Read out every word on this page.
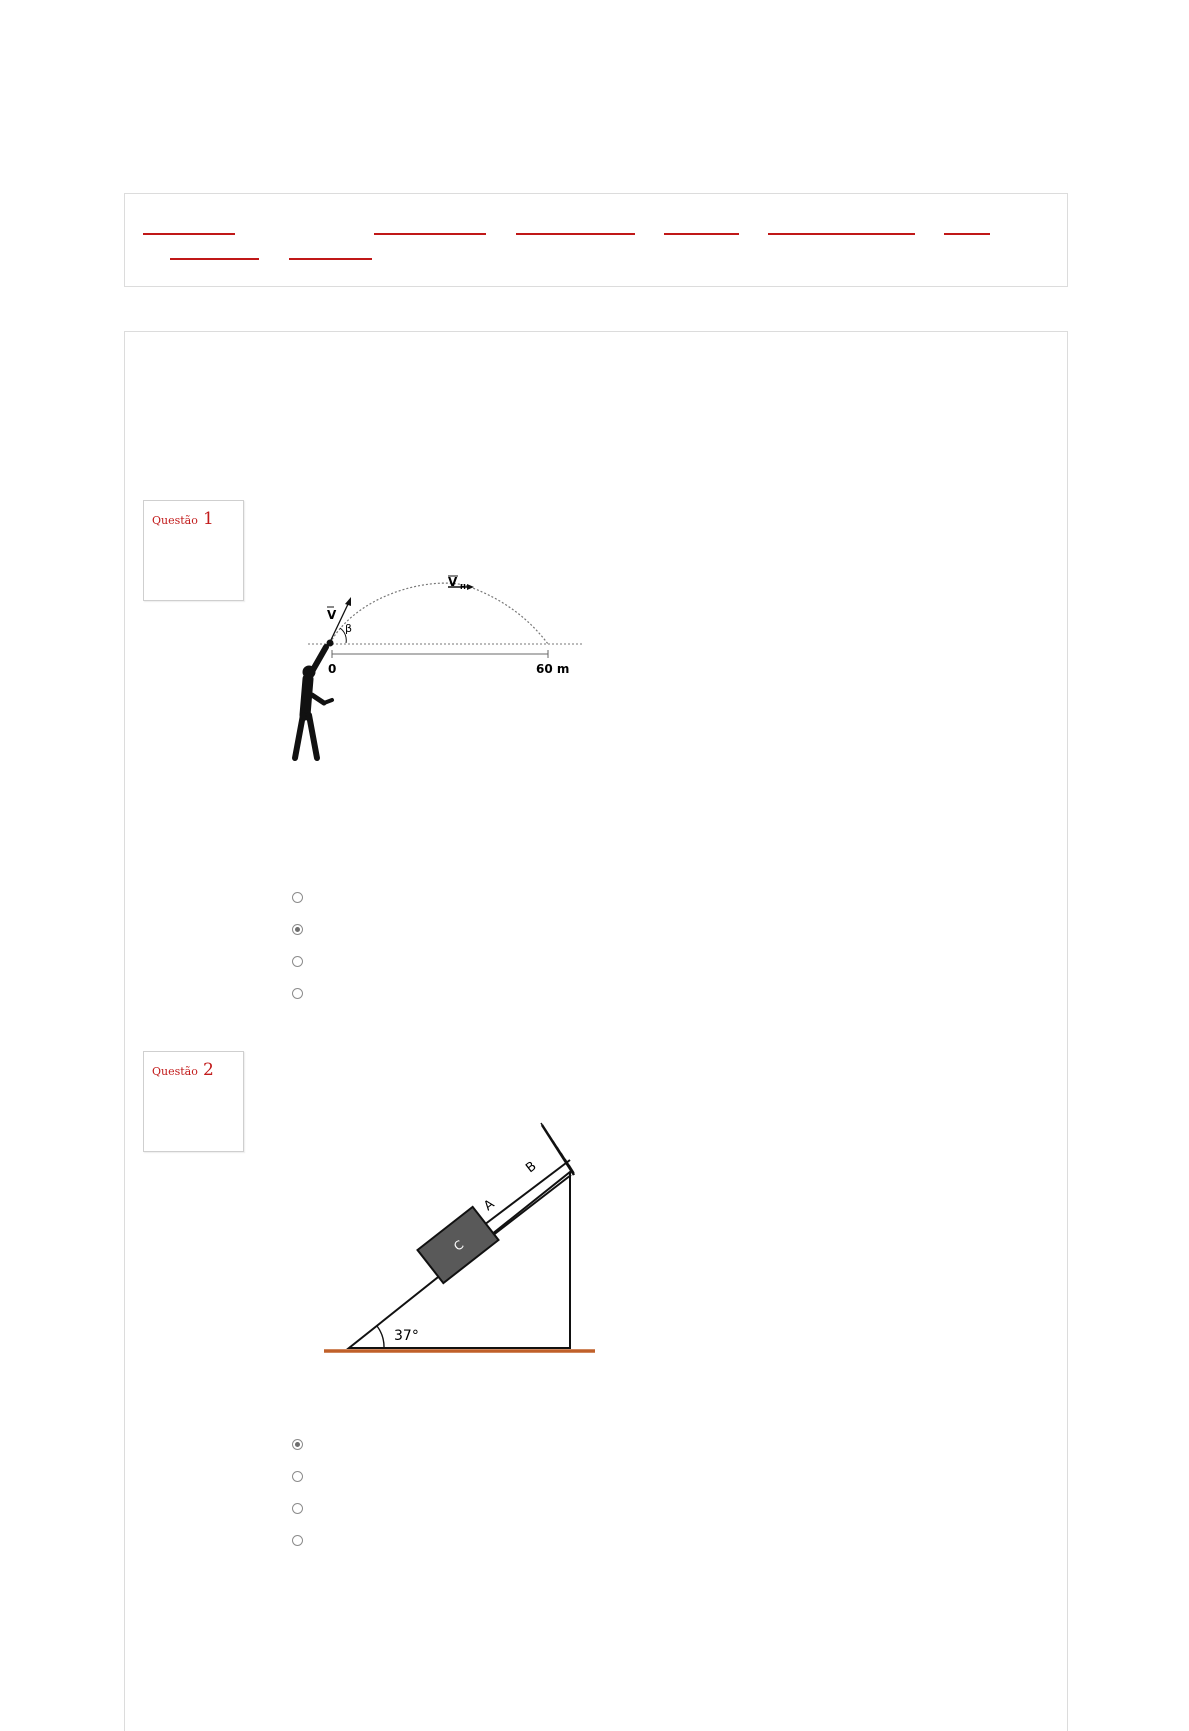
Questão 1
V H
V
β
0	60 m
Questão 2
37°
A
B
C
